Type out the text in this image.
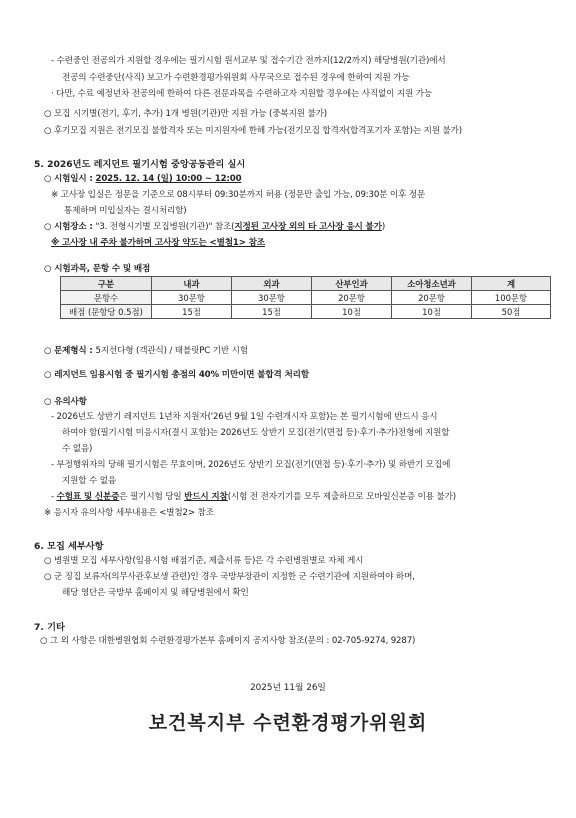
- 수련중인 전공의가 지원할 경우에는 필기시험 원서교부 및 접수기간 전까지(12/2까지) 해당병원(기관)에서
전공의 수련중단(사직) 보고가 수련환경평가위원회 사무국으로 접수된 경우에 한하여 지원 가능
· 다만, 수료 예정년차 전공의에 한하여 다른 전문과목을 수련하고자 지원할 경우에는 사직없이 지원 가능
○ 모집 시기별(전기, 후기, 추가) 1개 병원(기관)만 지원 가능 (중복지원 불가)
○ 후기모집 지원은 전기모집 불합격자 또는 미지원자에 한해 가능(전기모집 합격자(합격포기자 포함)는 지원 불가)
5. 2026년도 레지던트 필기시험 중앙공동관리 실시
○ 시험일시 : 2025. 12. 14 (일) 10:00 ~ 12:00
※ 고사장 입실은 정문을 기준으로 08시부터 09:30분까지 허용 (정문만 출입 가능, 09:30분 이후 정문
통제하며 미입실자는 결시처리함)
○ 시험장소 : "3. 전형시기별 모집병원(기관)" 참조(지정된 고사장 외의 타 고사장 응시 불가)
※ 고사장 내 주차 불가하며 고사장 약도는 <별첨1> 참조
○ 시험과목, 문항 수 및 배점
구분	내과	외과	산부인과	소아청소년과	계
문항수	30문항	30문항	20문항	20문항	100문항
배점 (문항당 0.5점)	15점	15점	10점	10점	50점
○ 문제형식 : 5지선다형 (객관식) / 태블릿PC 기반 시험
○ 레지던트 임용시험 중 필기시험 총점의 40% 미만이면 불합격 처리함
○ 유의사항
- 2026년도 상반기 레지던트 1년차 지원자('26년 9월 1일 수련개시자 포함)는 본 필기시험에 반드시 응시
하여야 함(필기시험 미응시자(결시 포함)는 2026년도 상반기 모집(전기(면접 등)·후기·추가)전형에 지원할
수 없음)
- 부정행위자의 당해 필기시험은 무효이며, 2026년도 상반기 모집(전기(면접 등)·후기·추가) 및 하반기 모집에
지원할 수 없음
- 수험표 및 신분증은 필기시험 당일 반드시 지참(시험 전 전자기기를 모두 제출하므로 모바일신분증 이용 불가)
※ 응시자 유의사항 세부내용은 <별첨2> 참조
6. 모집 세부사항
○ 병원별 모집 세부사항(임용시험 배점기준, 제출서류 등)은 각 수련병원별로 자체 게시
○ 군 징집 보류자(의무사관후보생 관련)인 경우 국방부장관이 지정한 군 수련기관에 지원하여야 하며,
해당 영단은 국방부 홈페이지 및 해당병원에서 확인
7. 기타
○ 그 외 사항은 대한병원협회 수련환경평가본부 홈페이지 공지사항 참조(문의 : 02-705-9274, 9287)
2025년 11월 26일
보건복지부 수련환경평가위원회
